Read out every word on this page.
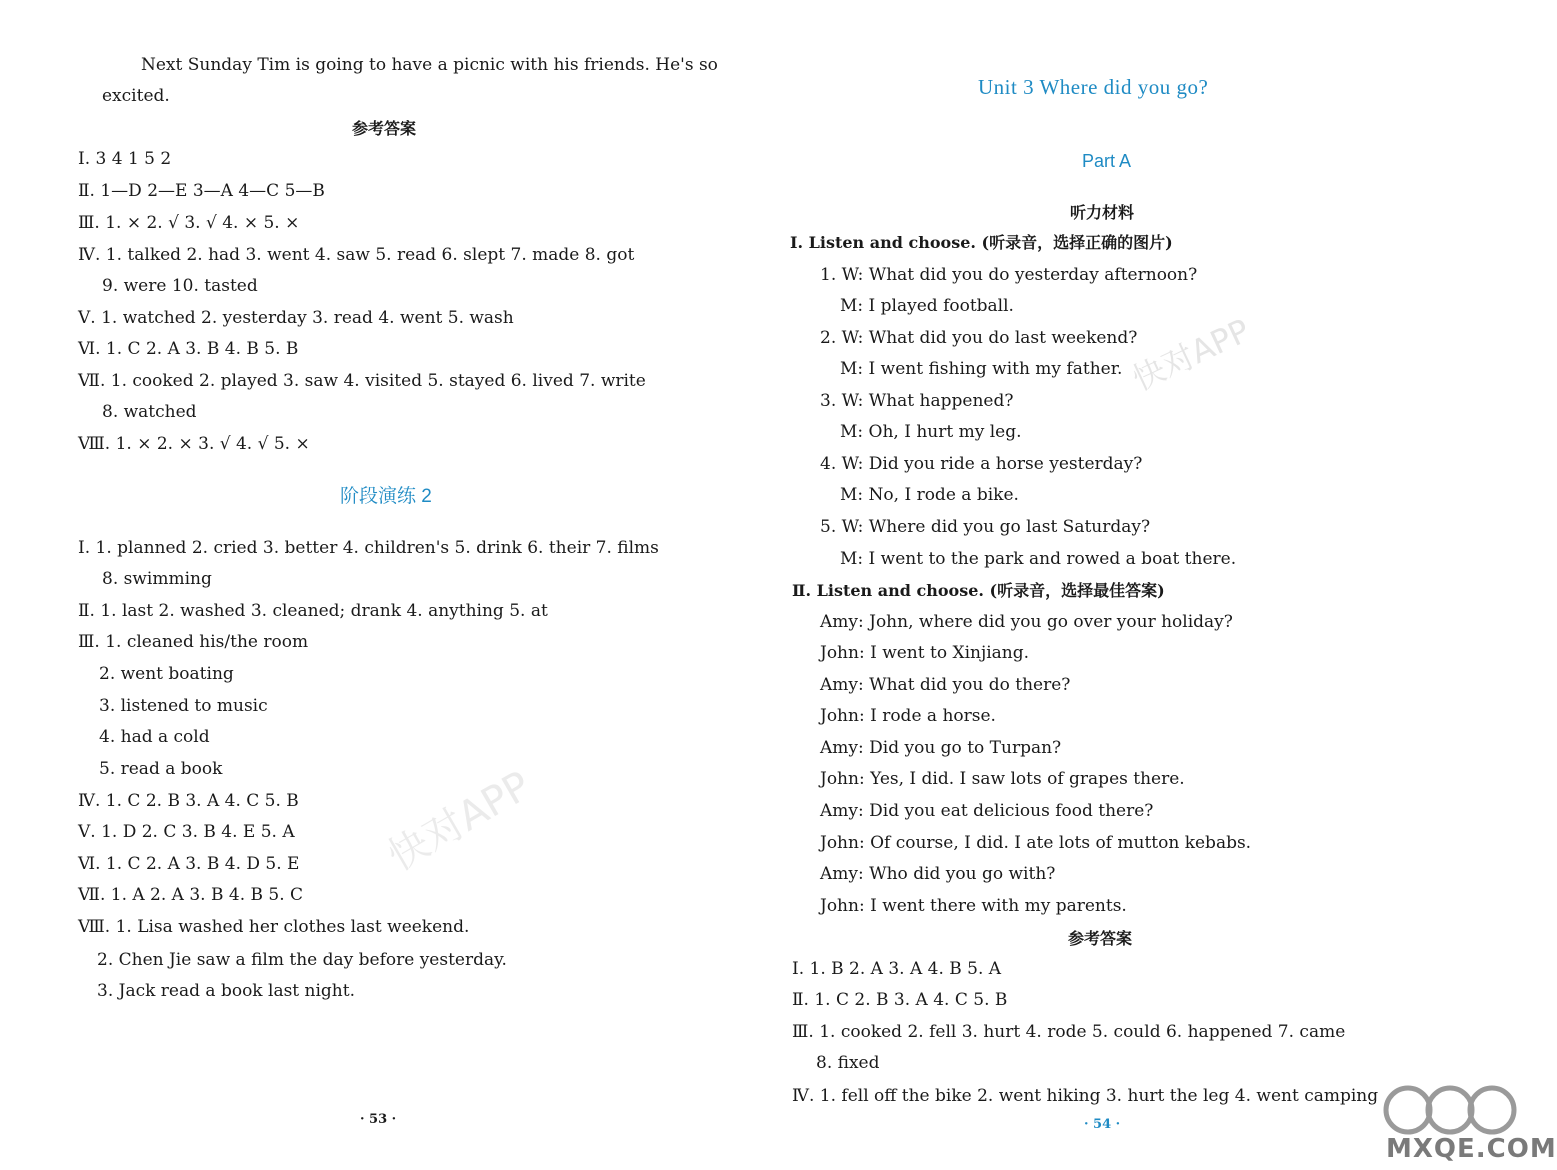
Next Sunday Tim is going to have a picnic with his friends. He's so
excited.
参考答案
Ⅰ. 3 4 1 5 2
Ⅱ. 1—D 2—E 3—A 4—C 5—B
Ⅲ. 1. × 2. √ 3. √ 4. × 5. ×
Ⅳ. 1. talked 2. had 3. went 4. saw 5. read 6. slept 7. made 8. got
9. were 10. tasted
Ⅴ. 1. watched 2. yesterday 3. read 4. went 5. wash
Ⅵ. 1. C 2. A 3. B 4. B 5. B
Ⅶ. 1. cooked 2. played 3. saw 4. visited 5. stayed 6. lived 7. write
8. watched
Ⅷ. 1. × 2. × 3. √ 4. √ 5. ×
阶段演练 2
Ⅰ. 1. planned 2. cried 3. better 4. children's 5. drink 6. their 7. films
8. swimming
Ⅱ. 1. last 2. washed 3. cleaned; drank 4. anything 5. at
Ⅲ. 1. cleaned his/the room
2. went boating
3. listened to music
4. had a cold
5. read a book
Ⅳ. 1. C 2. B 3. A 4. C 5. B
Ⅴ. 1. D 2. C 3. B 4. E 5. A
Ⅵ. 1. C 2. A 3. B 4. D 5. E
Ⅶ. 1. A 2. A 3. B 4. B 5. C
Ⅷ. 1. Lisa washed her clothes last weekend.
2. Chen Jie saw a film the day before yesterday.
3. Jack read a book last night.
· 53 ·
快对APP
Unit 3 Where did you go?
Part A
听力材料
Ⅰ. Listen and choose. (听录音，选择正确的图片)
1. W: What did you do yesterday afternoon?
M: I played football.
2. W: What did you do last weekend?
M: I went fishing with my father.
3. W: What happened?
M: Oh, I hurt my leg.
4. W: Did you ride a horse yesterday?
M: No, I rode a bike.
5. W: Where did you go last Saturday?
M: I went to the park and rowed a boat there.
Ⅱ. Listen and choose. (听录音，选择最佳答案)
Amy: John, where did you go over your holiday?
John: I went to Xinjiang.
Amy: What did you do there?
John: I rode a horse.
Amy: Did you go to Turpan?
John: Yes, I did. I saw lots of grapes there.
Amy: Did you eat delicious food there?
John: Of course, I did. I ate lots of mutton kebabs.
Amy: Who did you go with?
John: I went there with my parents.
参考答案
Ⅰ. 1. B 2. A 3. A 4. B 5. A
Ⅱ. 1. C 2. B 3. A 4. C 5. B
Ⅲ. 1. cooked 2. fell 3. hurt 4. rode 5. could 6. happened 7. came
8. fixed
Ⅳ. 1. fell off the bike 2. went hiking 3. hurt the leg 4. went camping
· 54 ·
快对APP
MXQE.COM
